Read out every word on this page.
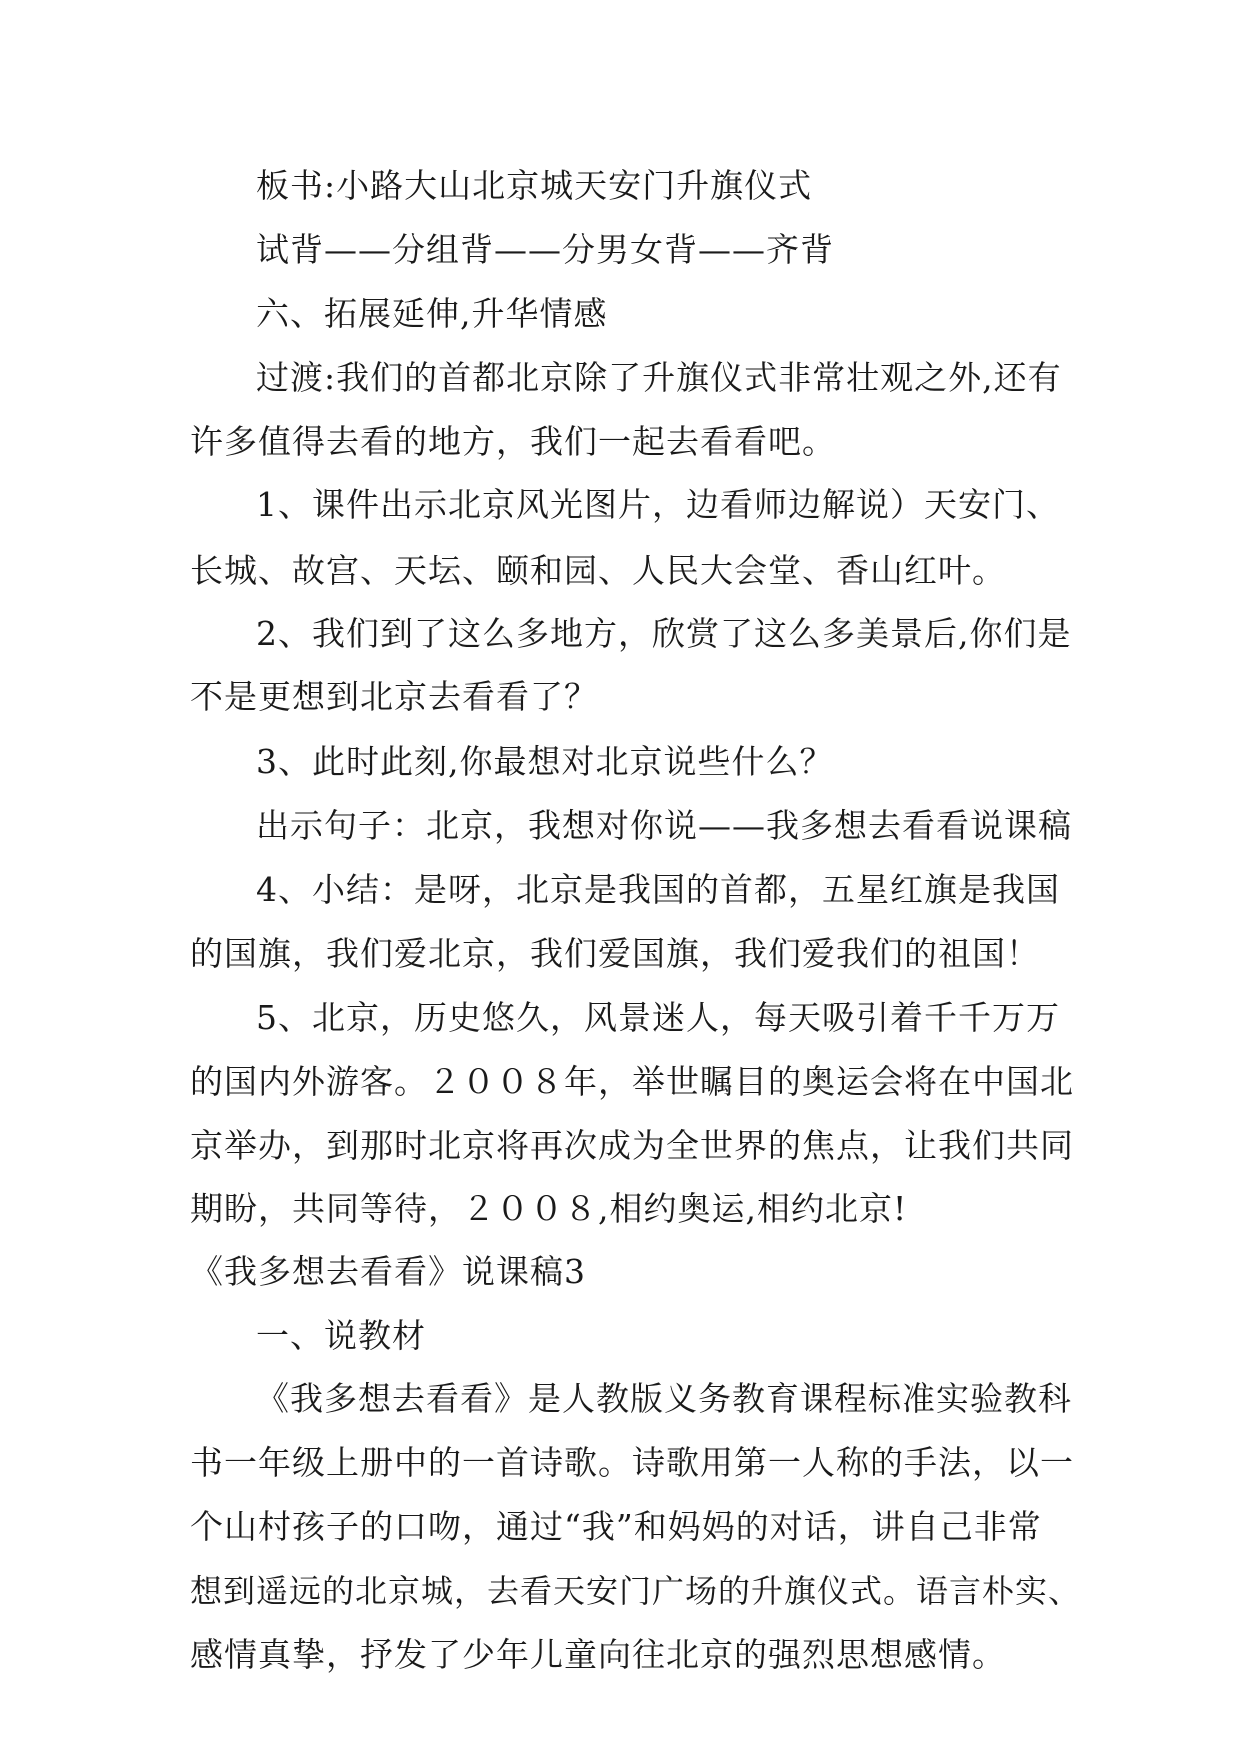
板书:小路大山北京城天安门升旗仪式
试背——分组背——分男女背——齐背
六、拓展延伸,升华情感
过渡:我们的首都北京除了升旗仪式非常壮观之外,还有
许多值得去看的地方，我们一起去看看吧。
1、课件出示北京风光图片，边看师边解说）天安门、
长城、故宫、天坛、颐和园、人民大会堂、香山红叶。
2、我们到了这么多地方，欣赏了这么多美景后,你们是
不是更想到北京去看看了？
3、此时此刻,你最想对北京说些什么？
出示句子：北京，我想对你说——我多想去看看说课稿
4、小结：是呀，北京是我国的首都，五星红旗是我国
的国旗，我们爱北京，我们爱国旗，我们爱我们的祖国！
5、北京，历史悠久，风景迷人，每天吸引着千千万万
的国内外游客。２００８年，举世瞩目的奥运会将在中国北
京举办，到那时北京将再次成为全世界的焦点，让我们共同
期盼，共同等待，２００８,相约奥运,相约北京!
《我多想去看看》说课稿3
一、说教材
《我多想去看看》是人教版义务教育课程标准实验教科
书一年级上册中的一首诗歌。诗歌用第一人称的手法，以一
个山村孩子的口吻，通过“我”和妈妈的对话，讲自己非常
想到遥远的北京城，去看天安门广场的升旗仪式。语言朴实、
感情真挚，抒发了少年儿童向往北京的强烈思想感情。
